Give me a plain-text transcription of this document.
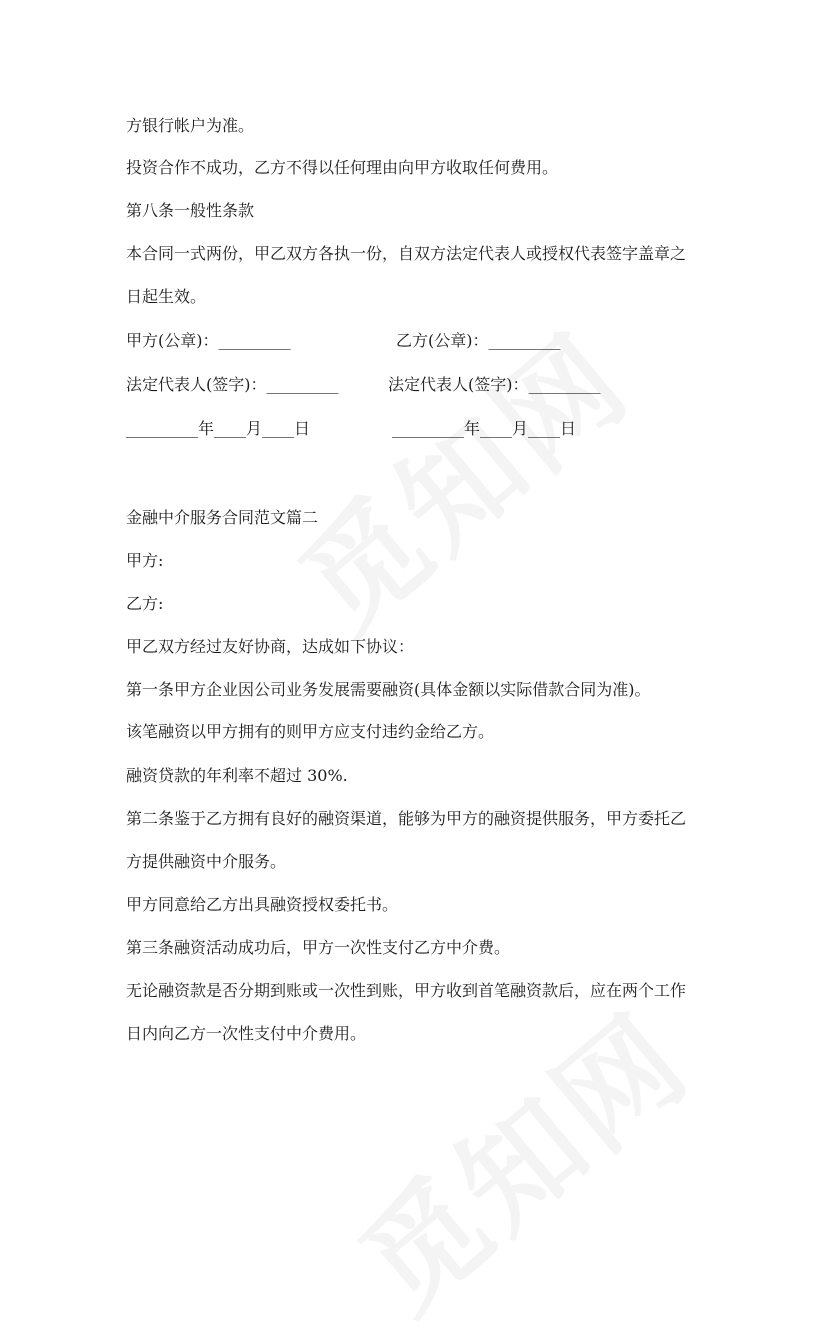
方银行帐户为准。
投资合作不成功，乙方不得以任何理由向甲方收取任何费用。
第八条一般性条款
本合同一式两份，甲乙双方各执一份，自双方法定代表人或授权代表签字盖章之
日起生效。
甲方(公章)：_________	乙方(公章)：_________
法定代表人(签字)：_________	法定代表人(签字)：_________
_________年____月____日	_________年____月____日
金融中介服务合同范文篇二
甲方:
乙方:
甲乙双方经过友好协商，达成如下协议：
第一条甲方企业因公司业务发展需要融资(具体金额以实际借款合同为准)。
该笔融资以甲方拥有的则甲方应支付违约金给乙方。
融资贷款的年利率不超过 30%.
第二条鉴于乙方拥有良好的融资渠道，能够为甲方的融资提供服务，甲方委托乙
方提供融资中介服务。
甲方同意给乙方出具融资授权委托书。
第三条融资活动成功后，甲方一次性支付乙方中介费。
无论融资款是否分期到账或一次性到账，甲方收到首笔融资款后，应在两个工作
日内向乙方一次性支付中介费用。
